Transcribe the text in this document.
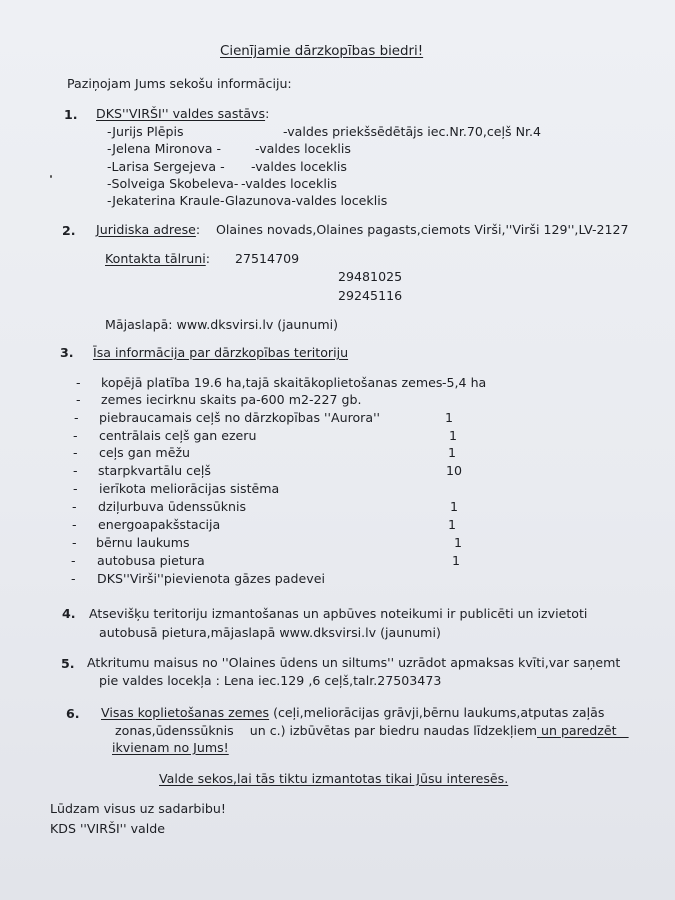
Cienījamie dārzkopības biedri!
Paziņojam Jums sekošu informāciju:
1. DKS''VIRŠI'' valdes sastāvs:
-Jurijs Plēpis	-valdes priekšsēdētājs iec.Nr.70,ceļš Nr.4
-Jelena Mironova -	-valdes loceklis
-Larisa Sergejeva - -valdes loceklis
-Solveiga Skobeleva- -valdes loceklis
-Jekaterina Kraule-Glazunova-valdes loceklis
2. Juridiska adrese: Olaines novads,Olaines pagasts,ciemots Virši,''Virši 129'',LV-2127
Kontakta tālruni: 27514709
29481025
29245116
Mājaslapā: www.dksvirsi.lv (jaunumi)
3. Īsa informācija par dārzkopības teritoriju
- kopējā platība 19.6 ha,tajā skaitākoplietošanas zemes -5,4 ha
- zemes iecirknu skaits pa-600 m2-227 gb.
- piebraucamais ceļš no dārzkopības ''Aurora''	1
- centrālais ceļš gan ezeru	1
- ceļs gan mēžu	1
- starpkvartālu ceļš	10
- ierīkota meliorācijas sistēma
- dziļurbuva ūdenssūknis	1
- energoapakšstacija	1
- bērnu laukums	1
- autobusa pietura	1
- DKS''Virši''pievienota gāzes padevei
4. Atsevišķu teritoriju izmantošanas un apbūves noteikumi ir publicēti un izvietoti
autobusā pietura,mājaslapā www.dksvirsi.lv (jaunumi)
5. Atkritumu maisus no ''Olaines ūdens un siltums'' uzrādot apmaksas kvīti,var saņemt
pie valdes locekļa : Lena iec.129 ,6 ceļš,talr.27503473
6. Visas koplietošanas zemes (ceļi,meliorācijas grāvji,bērnu laukums,atputas zaļās
zonas,ūdenssūknis    un c.) izbūvētas par biedru naudas līdzekļiem un paredzēt
ikvienam no Jums!
Valde sekos,lai tās tiktu izmantotas tikai Jūsu interesēs.
Lūdzam visus uz sadarbibu!
KDS ''VIRŠI'' valde
